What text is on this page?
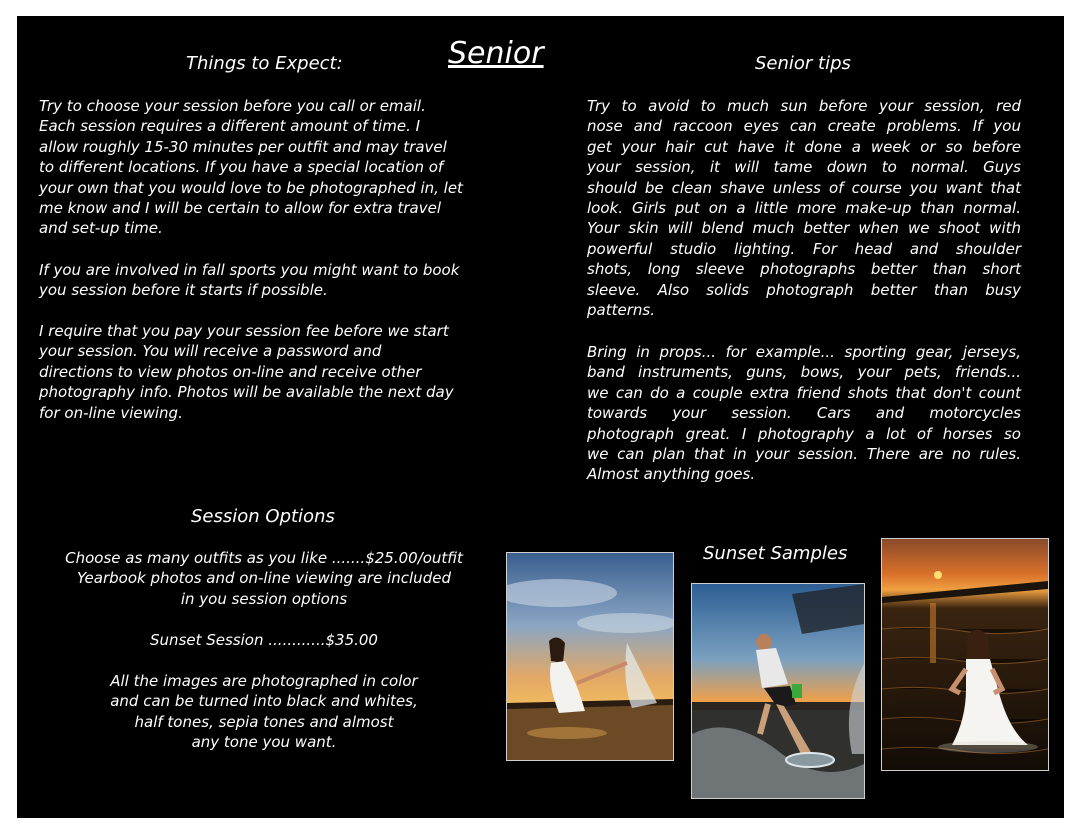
Senior
Things to Expect:	Senior tips
Try to choose your session before you call or email.
Each session requires a different amount of time. I
allow roughly 15-30 minutes per outfit and may travel
to different locations. If you have a special location of
your own that you would love to be photographed in, let
me know and I will be certain to allow for extra travel
and set-up time.
If you are involved in fall sports you might want to book
you session before it starts if possible.
I require that you pay your session fee before we start
your session. You will receive a password and
directions to view photos on-line and receive other
photography info. Photos will be available the next day
for on-line viewing.
Try to avoid to much sun before your session, red
nose and raccoon eyes can create problems. If you
get your hair cut have it done a week or so before
your session, it will tame down to normal. Guys
should be clean shave unless of course you want that
look. Girls put on a little more make-up than normal.
Your skin will blend much better when we shoot with
powerful studio lighting. For head and shoulder
shots, long sleeve photographs better than short
sleeve. Also solids photograph better than busy
patterns.
Bring in props... for example... sporting gear, jerseys,
band instruments, guns, bows, your pets, friends...
we can do a couple extra friend shots that don't count
towards your session. Cars and motorcycles
photograph great. I photography a lot of horses so
we can plan that in your session. There are no rules.
Almost anything goes.
Session Options
Choose as many outfits as you like .......$25.00/outfit
Yearbook photos and on-line viewing are included
in you session options
Sunset Session ............$35.00
All the images are photographed in color
and can be turned into black and whites,
half tones, sepia tones and almost
any tone you want.
Sunset Samples
